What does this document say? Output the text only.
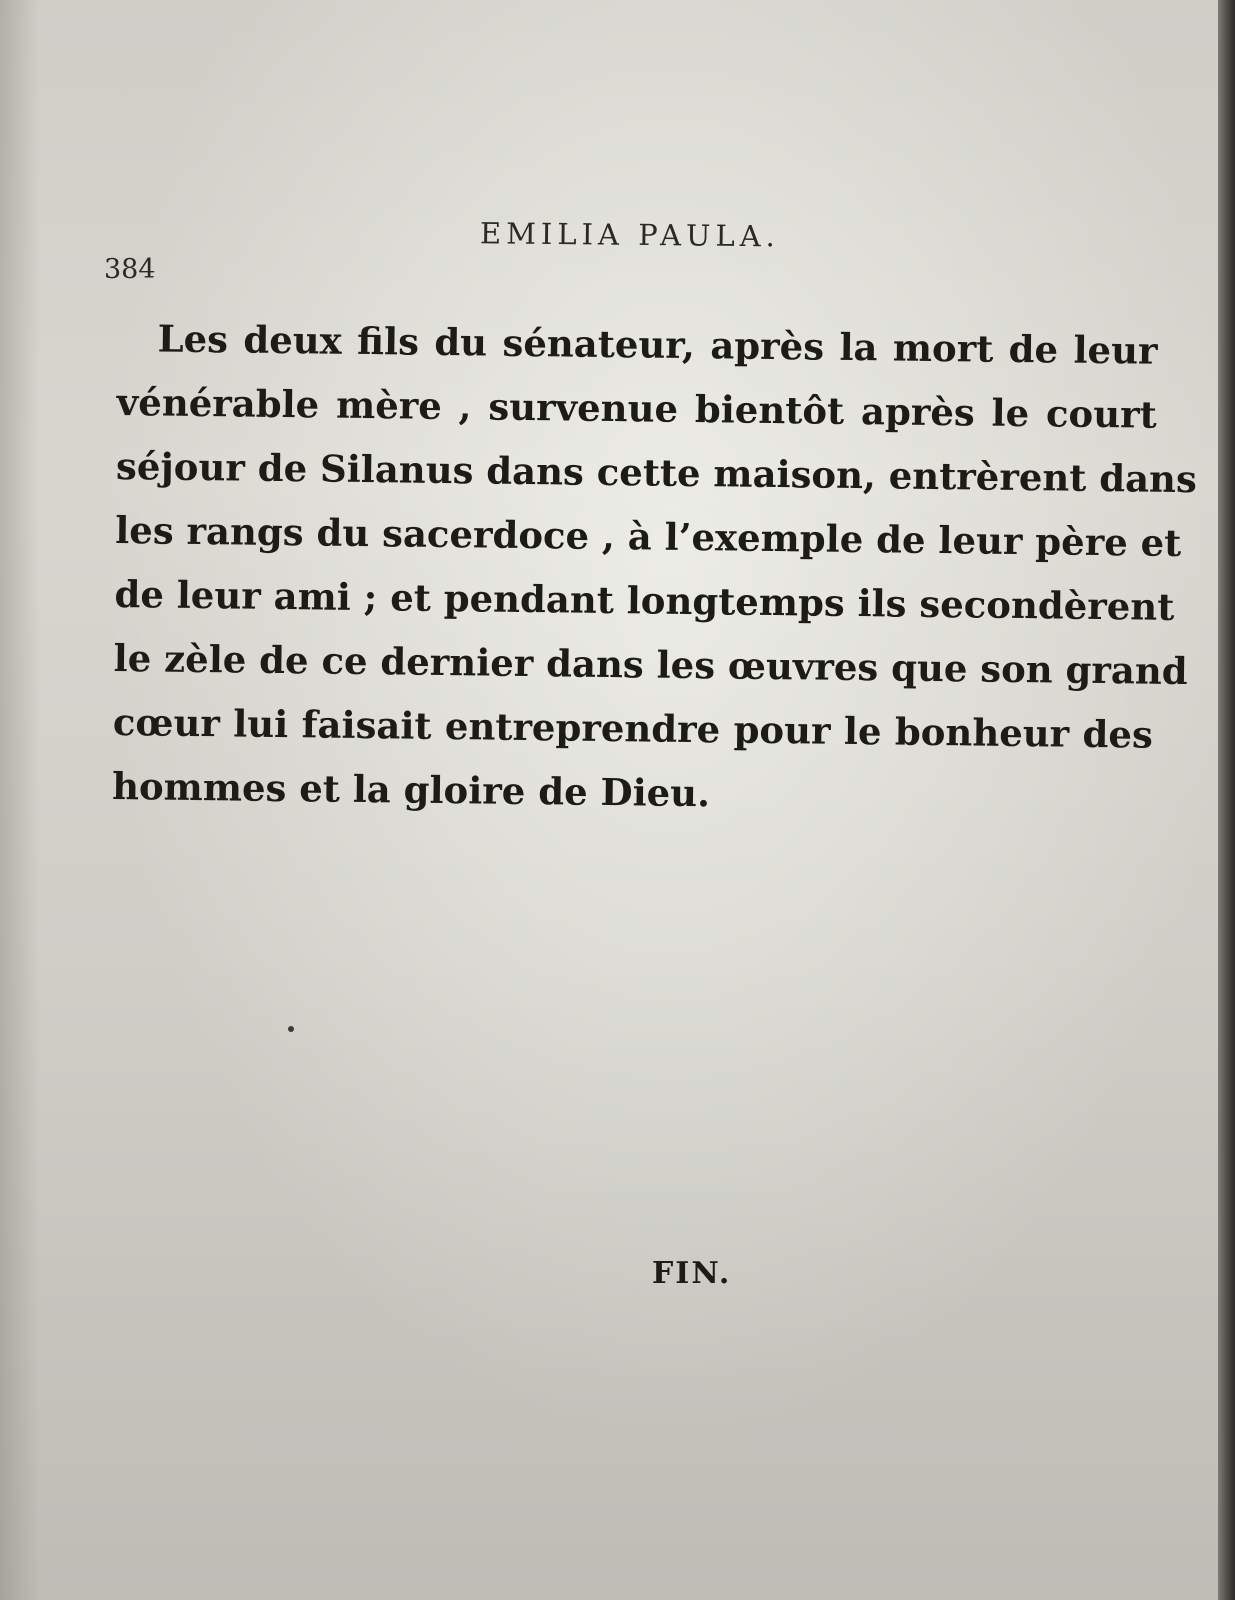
384
EMILIA PAULA.
Les deux fils du sénateur, après la mort de leur
vénérable mère , survenue bientôt après le court
séjour de Silanus dans cette maison, entrèrent dans
les rangs du sacerdoce , à l’exemple de leur père et
de leur ami ; et pendant longtemps ils secondèrent
le zèle de ce dernier dans les œuvres que son grand
cœur lui faisait entreprendre pour le bonheur des
hommes et la gloire de Dieu.
FIN.
